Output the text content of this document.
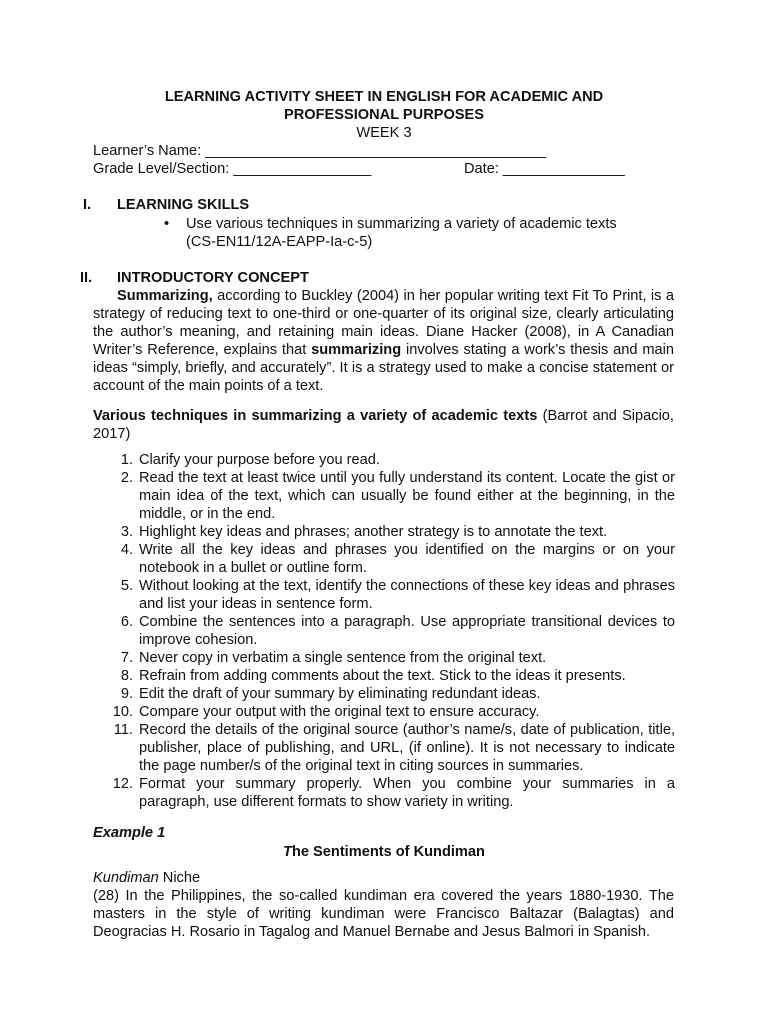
LEARNING ACTIVITY SHEET IN ENGLISH FOR ACADEMIC AND
PROFESSIONAL PURPOSES
WEEK 3
Learner’s Name: __________________________________________
Grade Level/Section: _________________	Date: _______________
I. LEARNING SKILLS
• Use various techniques in summarizing a variety of academic texts
(CS-EN11/12A-EAPP-Ia-c-5)
II. INTRODUCTORY CONCEPT
Summarizing, according to Buckley (2004) in her popular writing text Fit To Print, is a strategy of reducing text to one-third or one-quarter of its original size, clearly articulating the author’s meaning, and retaining main ideas. Diane Hacker (2008), in A Canadian Writer’s Reference, explains that summarizing involves stating a work’s thesis and main ideas “simply, briefly, and accurately”. It is a strategy used to make a concise statement or account of the main points of a text.
Various techniques in summarizing a variety of academic texts (Barrot and Sipacio, 2017)
1. Clarify your purpose before you read.
2. Read the text at least twice until you fully understand its content. Locate the gist or main idea of the text, which can usually be found either at the beginning, in the middle, or in the end.
3. Highlight key ideas and phrases; another strategy is to annotate the text.
4. Write all the key ideas and phrases you identified on the margins or on your notebook in a bullet or outline form.
5. Without looking at the text, identify the connections of these key ideas and phrases and list your ideas in sentence form.
6. Combine the sentences into a paragraph. Use appropriate transitional devices to improve cohesion.
7. Never copy in verbatim a single sentence from the original text.
8. Refrain from adding comments about the text. Stick to the ideas it presents.
9. Edit the draft of your summary by eliminating redundant ideas.
10. Compare your output with the original text to ensure accuracy.
11. Record the details of the original source (author’s name/s, date of publication, title, publisher, place of publishing, and URL, (if online). It is not necessary to indicate the page number/s of the original text in citing sources in summaries.
12. Format your summary properly. When you combine your summaries in a paragraph, use different formats to show variety in writing.
Example 1
The Sentiments of Kundiman
Kundiman Niche
(28) In the Philippines, the so-called kundiman era covered the years 1880-1930. The masters in the style of writing kundiman were Francisco Baltazar (Balagtas) and Deogracias H. Rosario in Tagalog and Manuel Bernabe and Jesus Balmori in Spanish.
